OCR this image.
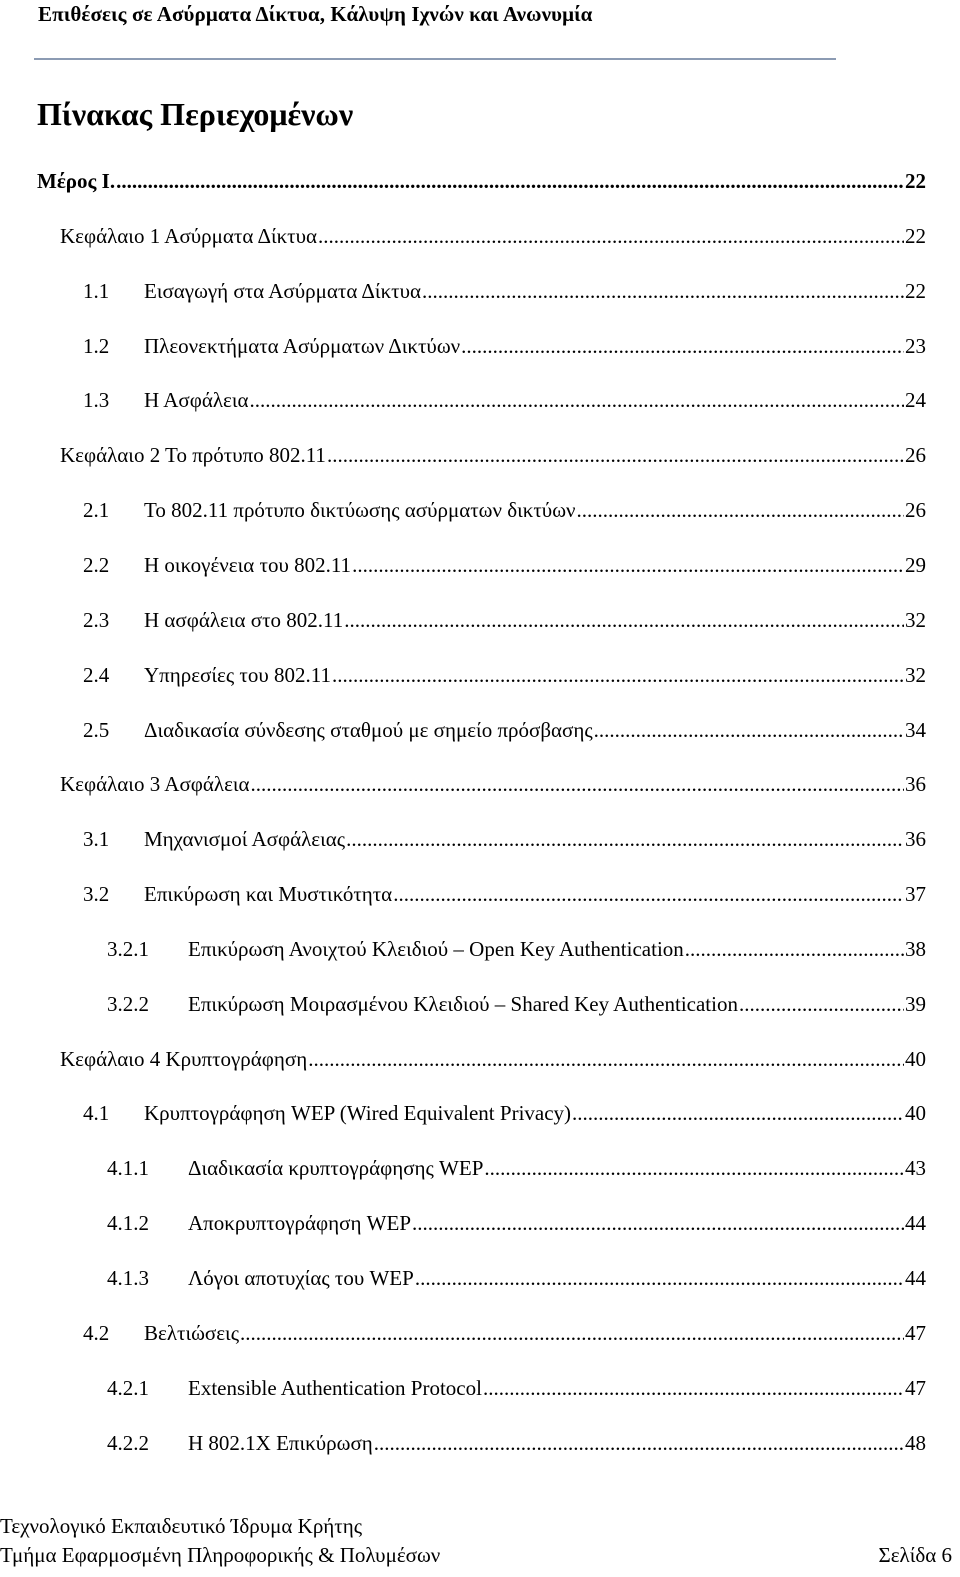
Επιθέσεις σε Ασύρματα Δίκτυα, Κάλυψη Ιχνών και Ανωνυμία
Πίνακας Περιεχομένων
Μέρος Ι. .....	22
Κεφάλαιο 1 Ασύρματα Δίκτυα .....	22
1.1	Εισαγωγή στα Ασύρματα Δίκτυα .....	22
1.2	Πλεονεκτήματα Ασύρματων Δικτύων .....	23
1.3	Η Ασφάλεια .....	24
Κεφάλαιο 2 Το πρότυπο 802.11 .....	26
2.1	Το 802.11 πρότυπο δικτύωσης ασύρματων δικτύων .....	26
2.2	Η οικογένεια του 802.11 .....	29
2.3	Η ασφάλεια στο 802.11 .....	32
2.4	Υπηρεσίες του 802.11 .....	32
2.5	Διαδικασία σύνδεσης σταθμού με σημείο πρόσβασης .....	34
Κεφάλαιο 3 Ασφάλεια .....	36
3.1	Μηχανισμοί Ασφάλειας .....	36
3.2	Επικύρωση και Μυστικότητα .....	37
3.2.1	Επικύρωση Ανοιχτού Κλειδιού – Open Key Authentication .....	38
3.2.2	Επικύρωση Μοιρασμένου Κλειδιού – Shared Key Authentication .....	39
Κεφάλαιο 4 Κρυπτογράφηση .....	40
4.1	Κρυπτογράφηση WEP (Wired Equivalent Privacy) .....	40
4.1.1	Διαδικασία κρυπτογράφησης WEP .....	43
4.1.2	Αποκρυπτογράφηση WEP .....	44
4.1.3	Λόγοι αποτυχίας του WEP .....	44
4.2	Βελτιώσεις .....	47
4.2.1	Extensible Authentication Protocol .....	47
4.2.2	Η 802.1X Επικύρωση .....	48
Τεχνολογικό Εκπαιδευτικό Ίδρυμα Κρήτης
Τμήμα Εφαρμοσμένη Πληροφορικής & Πολυμέσων	Σελίδα 6
